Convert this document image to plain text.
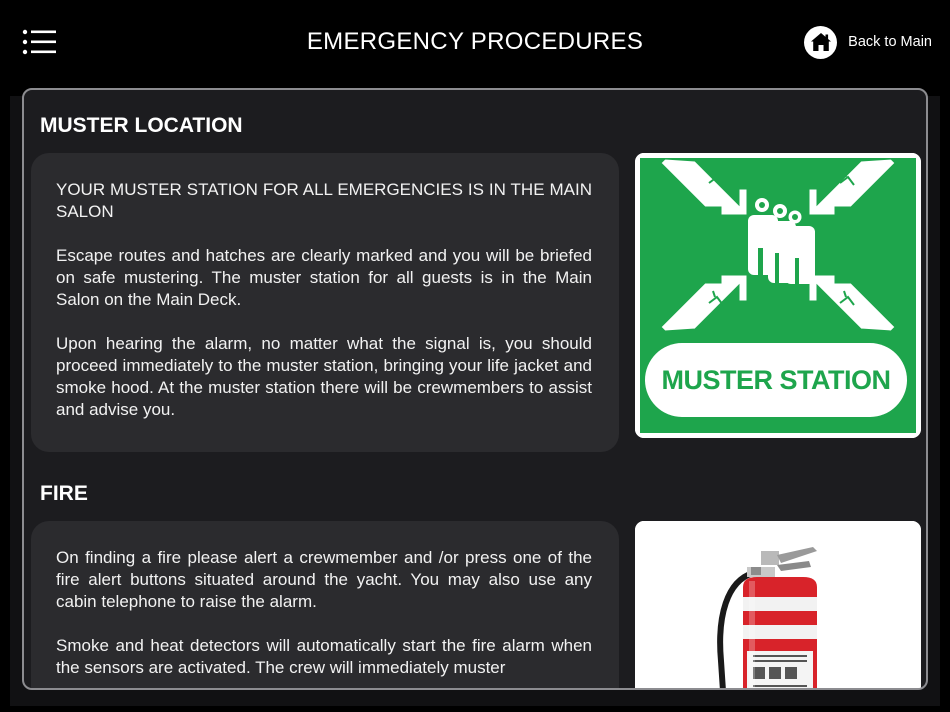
EMERGENCY PROCEDURES	Back to Main
MUSTER LOCATION

YOUR MUSTER STATION FOR ALL EMERGENCIES IS IN THE MAIN SALON

Escape routes and hatches are clearly marked and you will be briefed on safe mustering. The muster station for all guests is in the Main Salon on the Main Deck.

Upon hearing the alarm, no matter what the signal is, you should proceed immediately to the muster station, bringing your life jacket and smoke hood. At the muster station there will be crewmembers to assist and advise you.

MUSTER STATION
FIRE

On finding a fire please alert a crewmember and /or press one of the fire alert buttons situated around the yacht. You may also use any cabin telephone to raise the alarm.

Smoke and heat detectors will automatically start the fire alarm when the sensors are activated. The crew will immediately muster
